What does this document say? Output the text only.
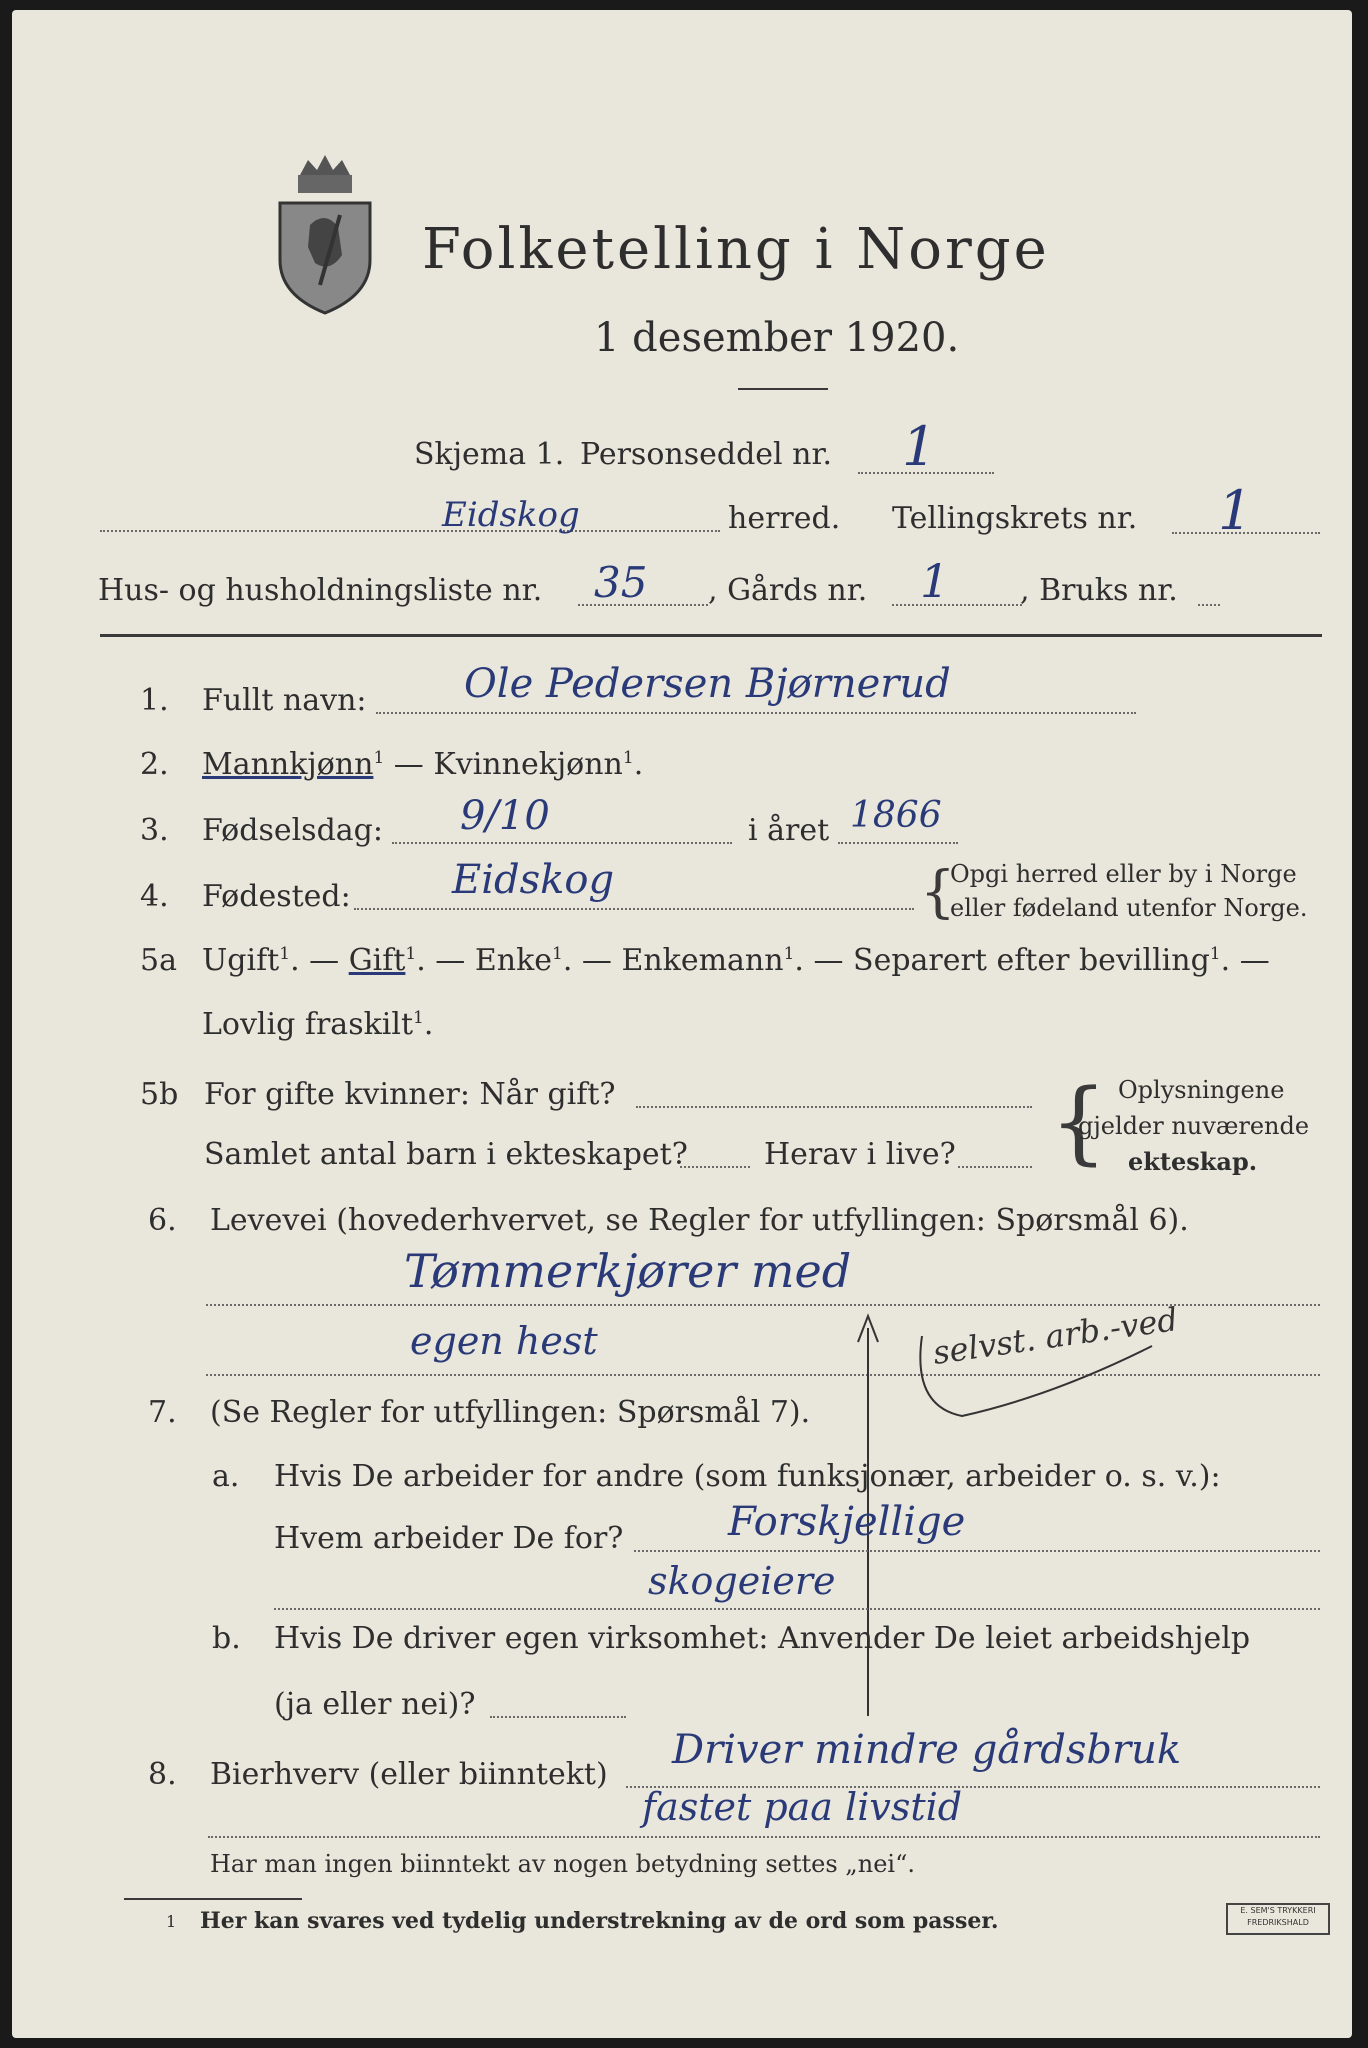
Folketelling i Norge
1 desember 1920.
Skjema 1. Personseddel nr. 1
Eidskog	herred. Tellingskrets nr. 1
Hus- og husholdningsliste nr. 35 , Gårds nr. 1 , Bruks nr.
1. Fullt navn: Ole Pedersen Bjørnerud
2. Mannkjønn$^1$ — Kvinnekjønn$^1$.
3. Fødselsdag: 9/10	i året 1866
4. Fødested:	Eidskog	{
Opgi herred eller by i Norge
eller fødeland utenfor Norge.
5a Ugift$^1$. — Gift$^1$. — Enke$^1$. — Enkemann$^1$. — Separert efter bevilling$^1$. —
Lovlig fraskilt$^1$.
5b For gifte kvinner: Når gift?
Samlet antal barn i ekteskapet?	Herav i live? { Oplysningene
gjelder nuværende
ekteskap.
6. Levevei (hovederhvervet, se Regler for utfyllingen: Spørsmål 6).
Tømmerkjører med
egen hest	selvst. arb.-ved
7. (Se Regler for utfyllingen: Spørsmål 7).
a. Hvis De arbeider for andre (som funksjonær, arbeider o. s. v.):
Hvem arbeider De for?	Forskjellige
skogeiere
b. Hvis De driver egen virksomhet: Anvender De leiet arbeidshjelp
(ja eller nei)?
8. Bierhverv (eller biinntekt)
Driver mindre gårdsbruk
fastet paa livstid
Har man ingen biinntekt av nogen betydning settes „nei“.
1 Her kan svares ved tydelig understrekning av de ord som passer.	E. SEM'S TRYKKERI FREDRIKSHALD
